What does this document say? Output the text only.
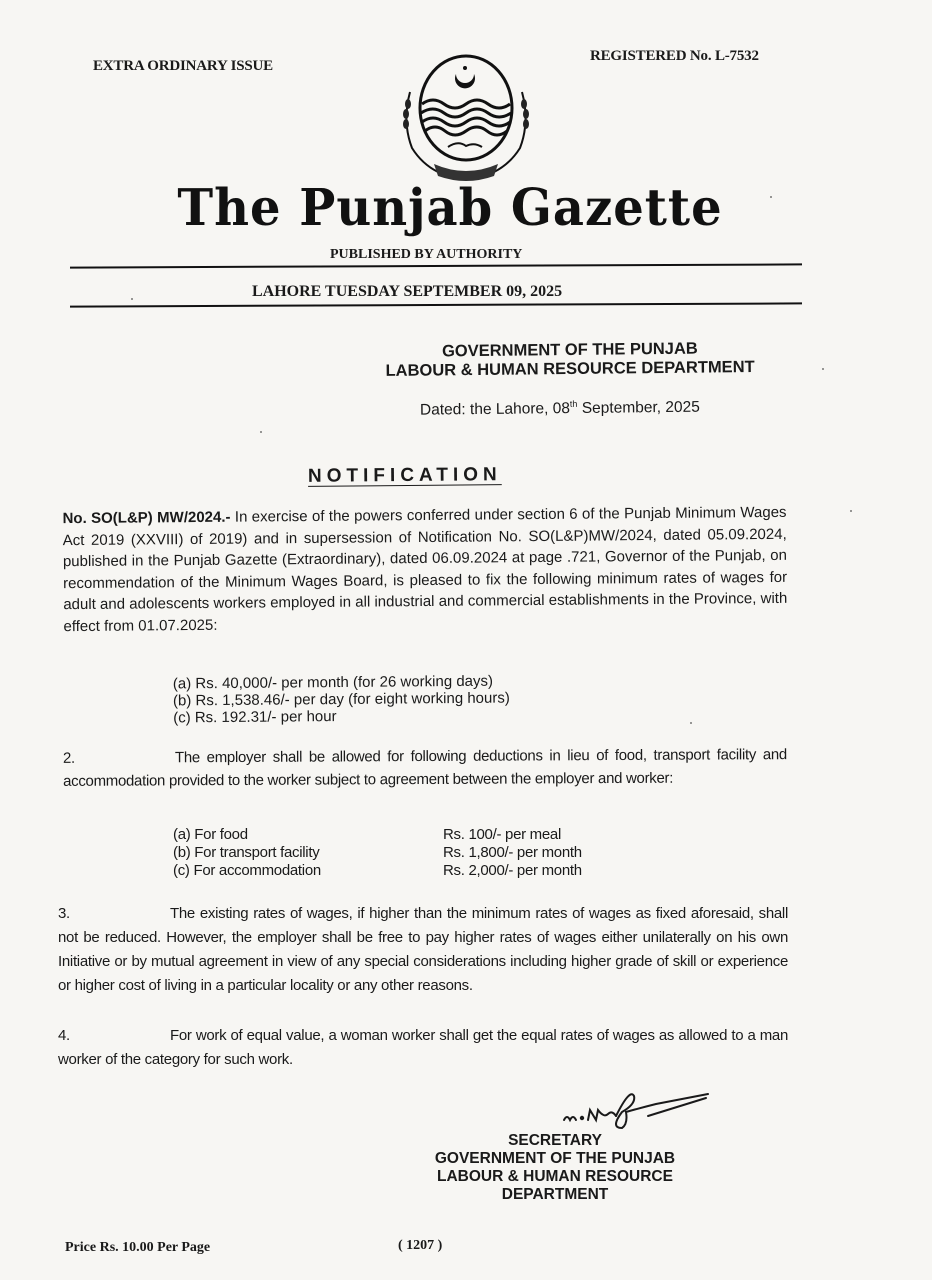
EXTRA ORDINARY ISSUE
REGISTERED No. L-7532
The Punjab Gazette
PUBLISHED BY AUTHORITY
LAHORE TUESDAY SEPTEMBER 09, 2025
GOVERNMENT OF THE PUNJAB
LABOUR & HUMAN RESOURCE DEPARTMENT
Dated: the Lahore, 08th September, 2025
NOTIFICATION
No. SO(L&P) MW/2024.- In exercise of the powers conferred under section 6 of the Punjab Minimum Wages Act 2019 (XXVIII) of 2019) and in supersession of Notification No. SO(L&P)MW/2024, dated 05.09.2024, published in the Punjab Gazette (Extraordinary), dated 06.09.2024 at page .721, Governor of the Punjab, on recommendation of the Minimum Wages Board, is pleased to fix the following minimum rates of wages for adult and adolescents workers employed in all industrial and commercial establishments in the Province, with effect from 01.07.2025:
(a) Rs. 40,000/- per month (for 26 working days)
(b) Rs. 1,538.46/- per day (for eight working hours)
(c) Rs. 192.31/- per hour
2.	The employer shall be allowed for following deductions in lieu of food, transport facility and accommodation provided to the worker subject to agreement between the employer and worker:
(a) For food	Rs. 100/- per meal
(b) For transport facility	Rs. 1,800/- per month
(c) For accommodation	Rs. 2,000/- per month
3.	The existing rates of wages, if higher than the minimum rates of wages as fixed aforesaid, shall not be reduced. However, the employer shall be free to pay higher rates of wages either unilaterally on his own Initiative or by mutual agreement in view of any special considerations including higher grade of skill or experience or higher cost of living in a particular locality or any other reasons.
4.	For work of equal value, a woman worker shall get the equal rates of wages as allowed to a man worker of the category for such work.
SECRETARY
GOVERNMENT OF THE PUNJAB
LABOUR & HUMAN RESOURCE
DEPARTMENT
Price Rs. 10.00 Per Page	( 1207 )
